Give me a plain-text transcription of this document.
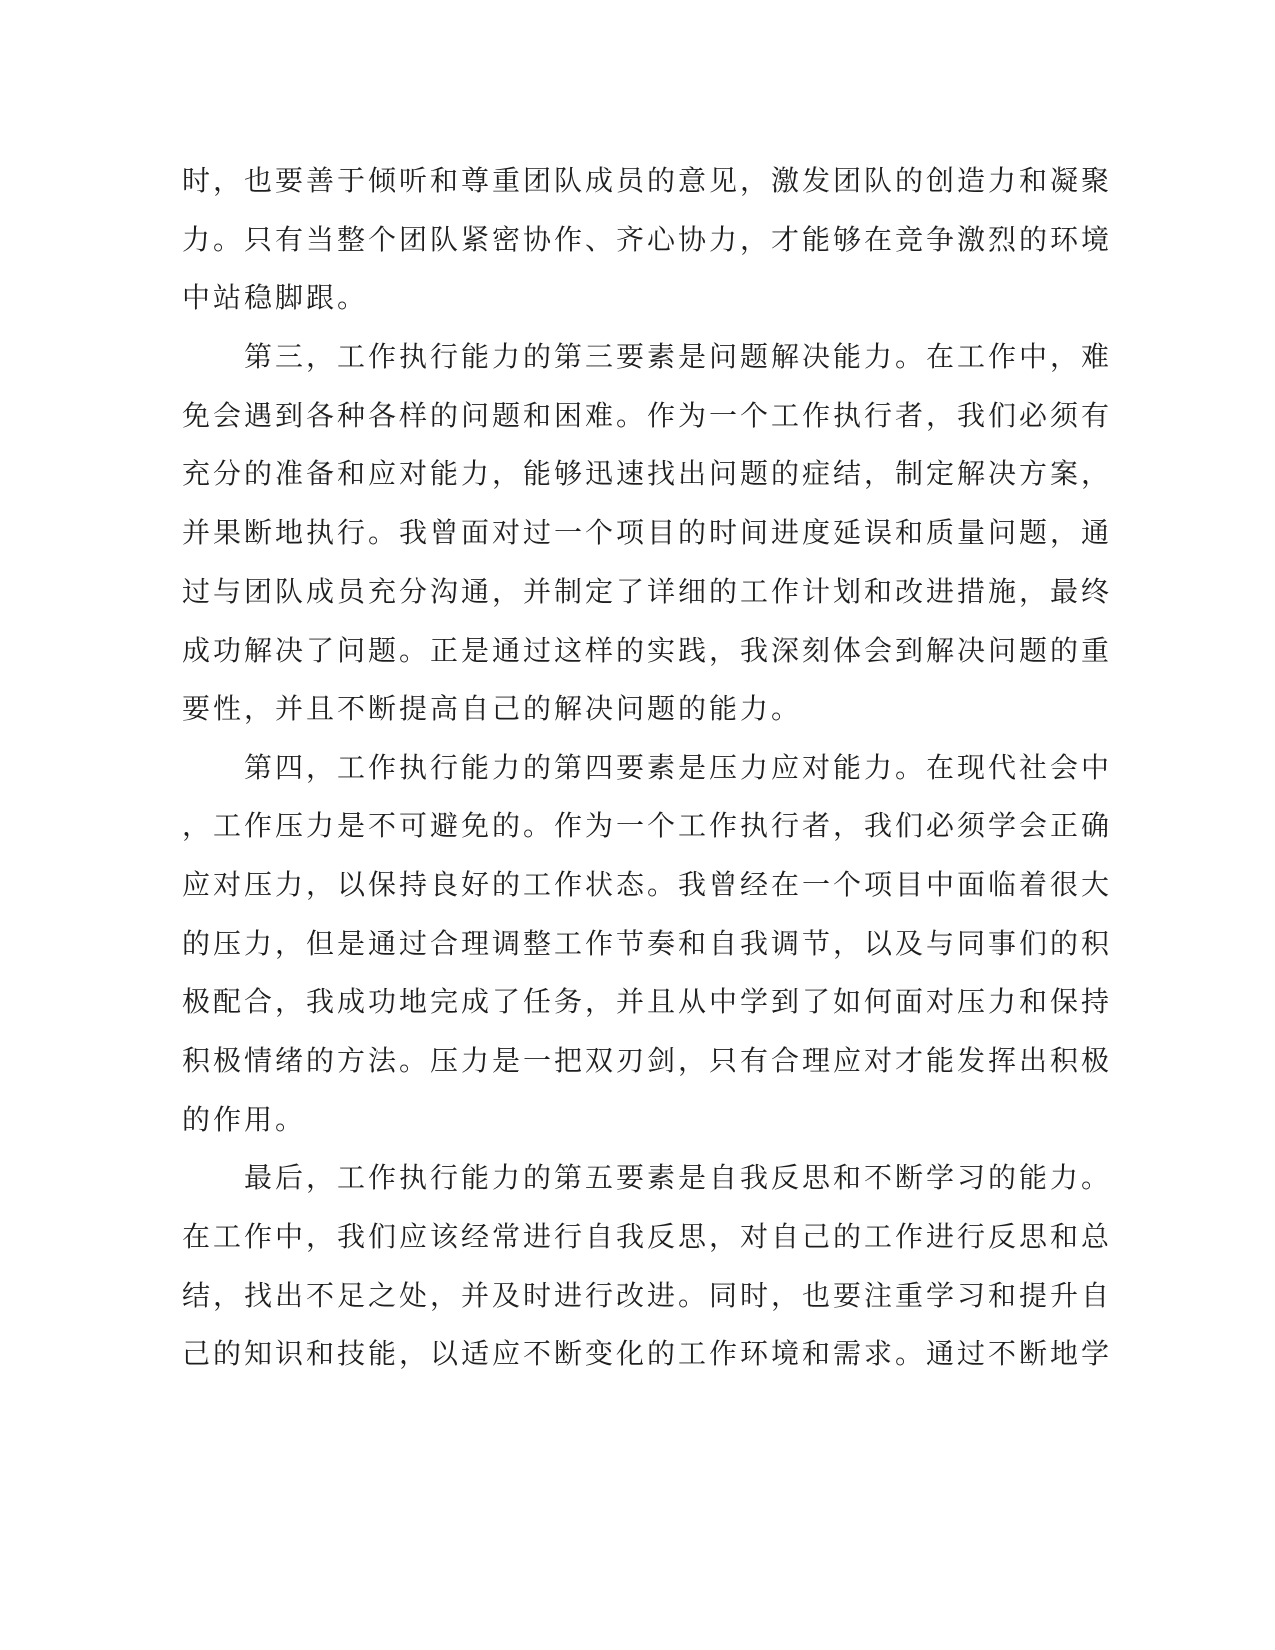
时，也要善于倾听和尊重团队成员的意见，激发团队的创造力和凝聚
力。只有当整个团队紧密协作、齐心协力，才能够在竞争激烈的环境
中站稳脚跟。
　　第三，工作执行能力的第三要素是问题解决能力。在工作中，难
免会遇到各种各样的问题和困难。作为一个工作执行者，我们必须有
充分的准备和应对能力，能够迅速找出问题的症结，制定解决方案，
并果断地执行。我曾面对过一个项目的时间进度延误和质量问题，通
过与团队成员充分沟通，并制定了详细的工作计划和改进措施，最终
成功解决了问题。正是通过这样的实践，我深刻体会到解决问题的重
要性，并且不断提高自己的解决问题的能力。
　　第四，工作执行能力的第四要素是压力应对能力。在现代社会中
，工作压力是不可避免的。作为一个工作执行者，我们必须学会正确
应对压力，以保持良好的工作状态。我曾经在一个项目中面临着很大
的压力，但是通过合理调整工作节奏和自我调节，以及与同事们的积
极配合，我成功地完成了任务，并且从中学到了如何面对压力和保持
积极情绪的方法。压力是一把双刃剑，只有合理应对才能发挥出积极
的作用。
　　最后，工作执行能力的第五要素是自我反思和不断学习的能力。
在工作中，我们应该经常进行自我反思，对自己的工作进行反思和总
结，找出不足之处，并及时进行改进。同时，也要注重学习和提升自
己的知识和技能，以适应不断变化的工作环境和需求。通过不断地学
